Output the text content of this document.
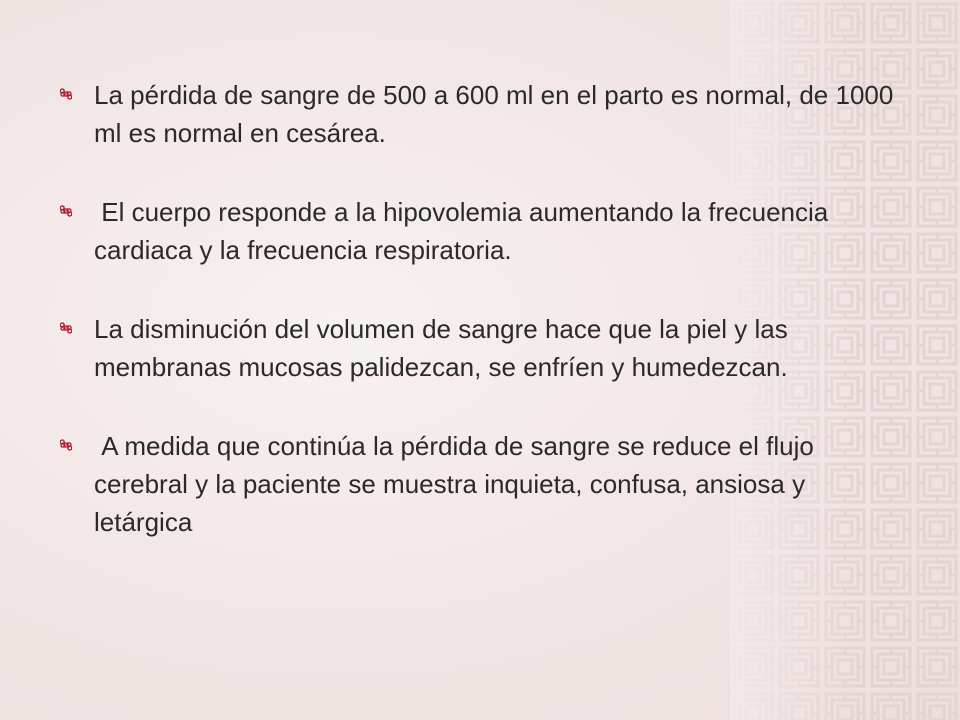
La pérdida de sangre de 500 a 600 ml en el parto es normal, de 1000 ml es normal en cesárea.
El cuerpo responde a la hipovolemia aumentando la frecuencia cardiaca y la frecuencia respiratoria.
La disminución del volumen de sangre hace que la piel y las membranas mucosas palidezcan, se enfríen y humedezcan.
A medida que continúa la pérdida de sangre se reduce el flujo cerebral y la paciente se muestra inquieta, confusa, ansiosa y letárgica
